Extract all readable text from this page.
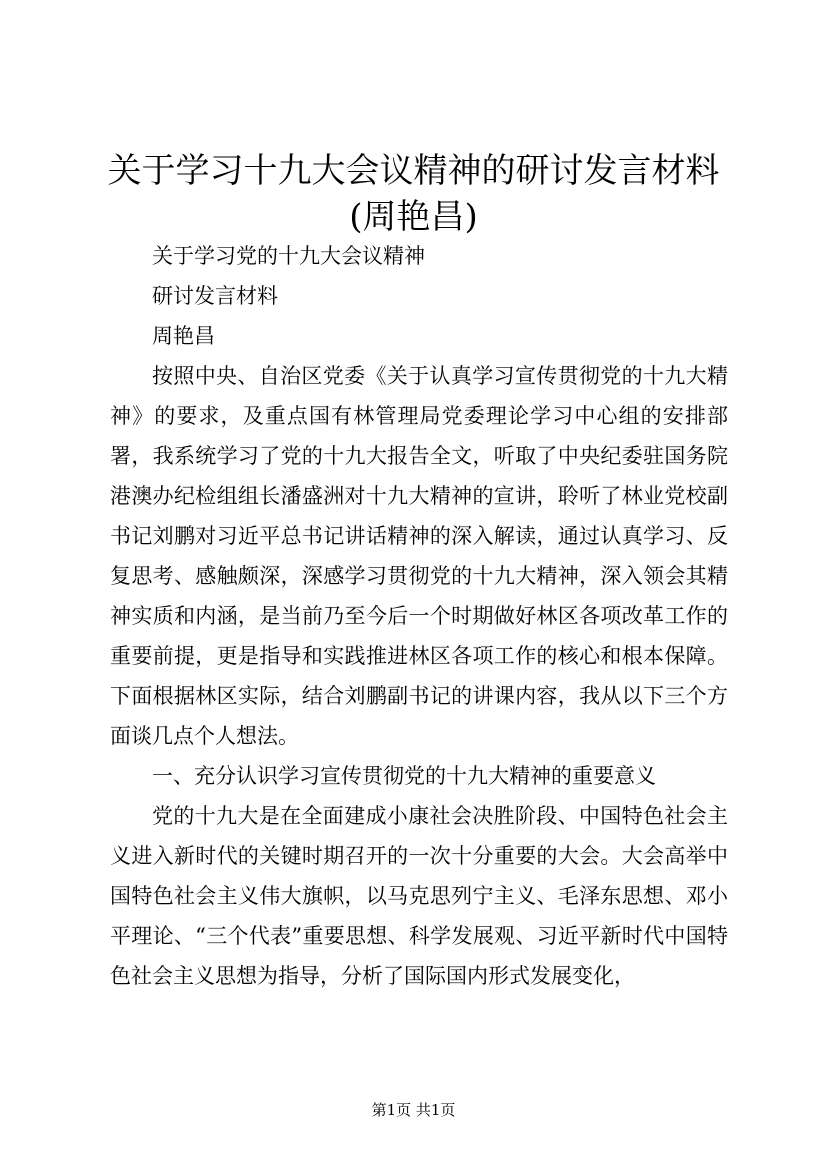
关于学习十九大会议精神的研讨发言材料(周艳昌)

关于学习党的十九大会议精神

研讨发言材料

周艳昌

按照中央、自治区党委《关于认真学习宣传贯彻党的十九大精神》的要求，及重点国有林管理局党委理论学习中心组的安排部署，我系统学习了党的十九大报告全文，听取了中央纪委驻国务院港澳办纪检组组长潘盛洲对十九大精神的宣讲，聆听了林业党校副书记刘鹏对习近平总书记讲话精神的深入解读，通过认真学习、反复思考、感触颇深，深感学习贯彻党的十九大精神，深入领会其精神实质和内涵，是当前乃至今后一个时期做好林区各项改革工作的重要前提，更是指导和实践推进林区各项工作的核心和根本保障。下面根据林区实际，结合刘鹏副书记的讲课内容，我从以下三个方面谈几点个人想法。

一、充分认识学习宣传贯彻党的十九大精神的重要意义

党的十九大是在全面建成小康社会决胜阶段、中国特色社会主义进入新时代的关键时期召开的一次十分重要的大会。大会高举中国特色社会主义伟大旗帜，以马克思列宁主义、毛泽东思想、邓小平理论、“三个代表”重要思想、科学发展观、习近平新时代中国特色社会主义思想为指导，分析了国际国内形式发展变化，

第1页 共1页
